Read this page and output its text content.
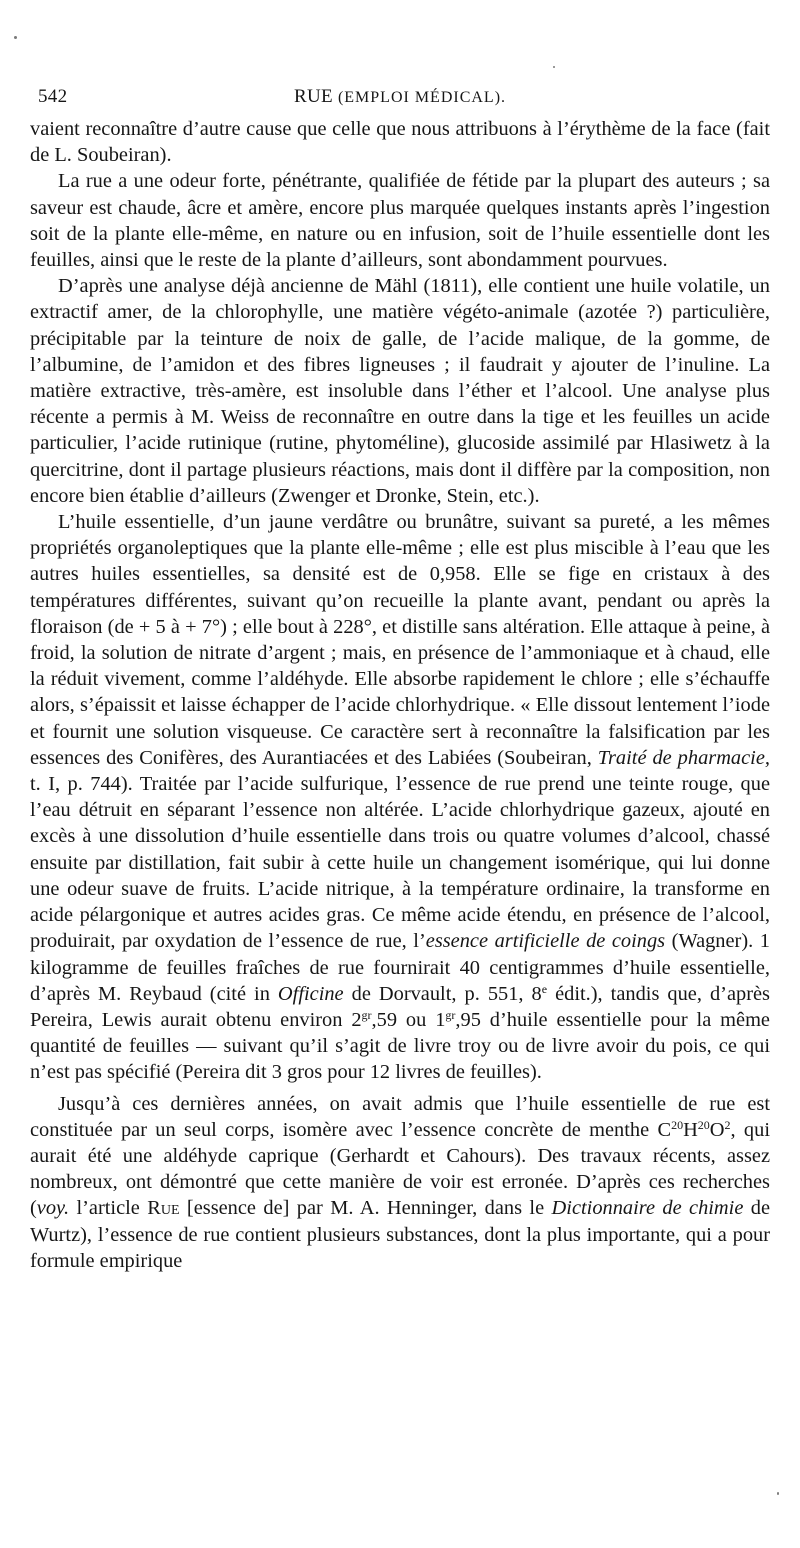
542	RUE (EMPLOI MÉDICAL).

vaient reconnaître d’autre cause que celle que nous attribuons à l’érythème de la face (fait de L. Soubeiran).

La rue a une odeur forte, pénétrante, qualifiée de fétide par la plupart des auteurs ; sa saveur est chaude, âcre et amère, encore plus marquée quelques instants après l’ingestion soit de la plante elle-même, en nature ou en infusion, soit de l’huile essentielle dont les feuilles, ainsi que le reste de la plante d’ailleurs, sont abondamment pourvues.

D’après une analyse déjà ancienne de Mähl (1811), elle contient une huile volatile, un extractif amer, de la chlorophylle, une matière végéto-animale (azotée ?) particulière, précipitable par la teinture de noix de galle, de l’acide malique, de la gomme, de l’albumine, de l’amidon et des fibres ligneuses ; il faudrait y ajouter de l’inuline. La matière extractive, très-amère, est insoluble dans l’éther et l’alcool. Une analyse plus récente a permis à M. Weiss de reconnaître en outre dans la tige et les feuilles un acide particulier, l’acide rutinique (rutine, phytoméline), glucoside assimilé par Hlasiwetz à la quercitrine, dont il partage plusieurs réactions, mais dont il diffère par la composition, non encore bien établie d’ailleurs (Zwenger et Dronke, Stein, etc.).

L’huile essentielle, d’un jaune verdâtre ou brunâtre, suivant sa pureté, a les mêmes propriétés organoleptiques que la plante elle-même ; elle est plus miscible à l’eau que les autres huiles essentielles, sa densité est de 0,958. Elle se fige en cristaux à des températures différentes, suivant qu’on recueille la plante avant, pendant ou après la floraison (de + 5 à + 7°) ; elle bout à 228°, et distille sans altération. Elle attaque à peine, à froid, la solution de nitrate d’argent ; mais, en présence de l’ammoniaque et à chaud, elle la réduit vivement, comme l’aldéhyde. Elle absorbe rapidement le chlore ; elle s’échauffe alors, s’épaissit et laisse échapper de l’acide chlorhydrique. « Elle dissout lentement l’iode et fournit une solution visqueuse. Ce caractère sert à reconnaître la falsification par les essences des Conifères, des Aurantiacées et des Labiées (Soubeiran, Traité de pharmacie, t. I, p. 744). Traitée par l’acide sulfurique, l’essence de rue prend une teinte rouge, que l’eau détruit en séparant l’essence non altérée. L’acide chlorhydrique gazeux, ajouté en excès à une dissolution d’huile essentielle dans trois ou quatre volumes d’alcool, chassé ensuite par distillation, fait subir à cette huile un changement isomérique, qui lui donne une odeur suave de fruits. L’acide nitrique, à la température ordinaire, la transforme en acide pélargonique et autres acides gras. Ce même acide étendu, en présence de l’alcool, produirait, par oxydation de l’essence de rue, l’essence artificielle de coings (Wagner). 1 kilogramme de feuilles fraîches de rue fournirait 40 centigrammes d’huile essentielle, d’après M. Reybaud (cité in Officine de Dorvault, p. 551, 8e édit.), tandis que, d’après Pereira, Lewis aurait obtenu environ $2^{gr},59$ ou $1^{gr},95$ d’huile essentielle pour la même quantité de feuilles — suivant qu’il s’agit de livre troy ou de livre avoir du pois, ce qui n’est pas spécifié (Pereira dit 3 gros pour 12 livres de feuilles).

Jusqu’à ces dernières années, on avait admis que l’huile essentielle de rue est constituée par un seul corps, isomère avec l’essence concrète de menthe $C^{20}H^{20}O^2$, qui aurait été une aldéhyde caprique (Gerhardt et Cahours). Des travaux récents, assez nombreux, ont démontré que cette manière de voir est erronée. D’après ces recherches (voy. l’article Rue [essence de] par M. A. Henninger, dans le Dictionnaire de chimie de Wurtz), l’essence de rue contient plusieurs substances, dont la plus importante, qui a pour formule empirique
